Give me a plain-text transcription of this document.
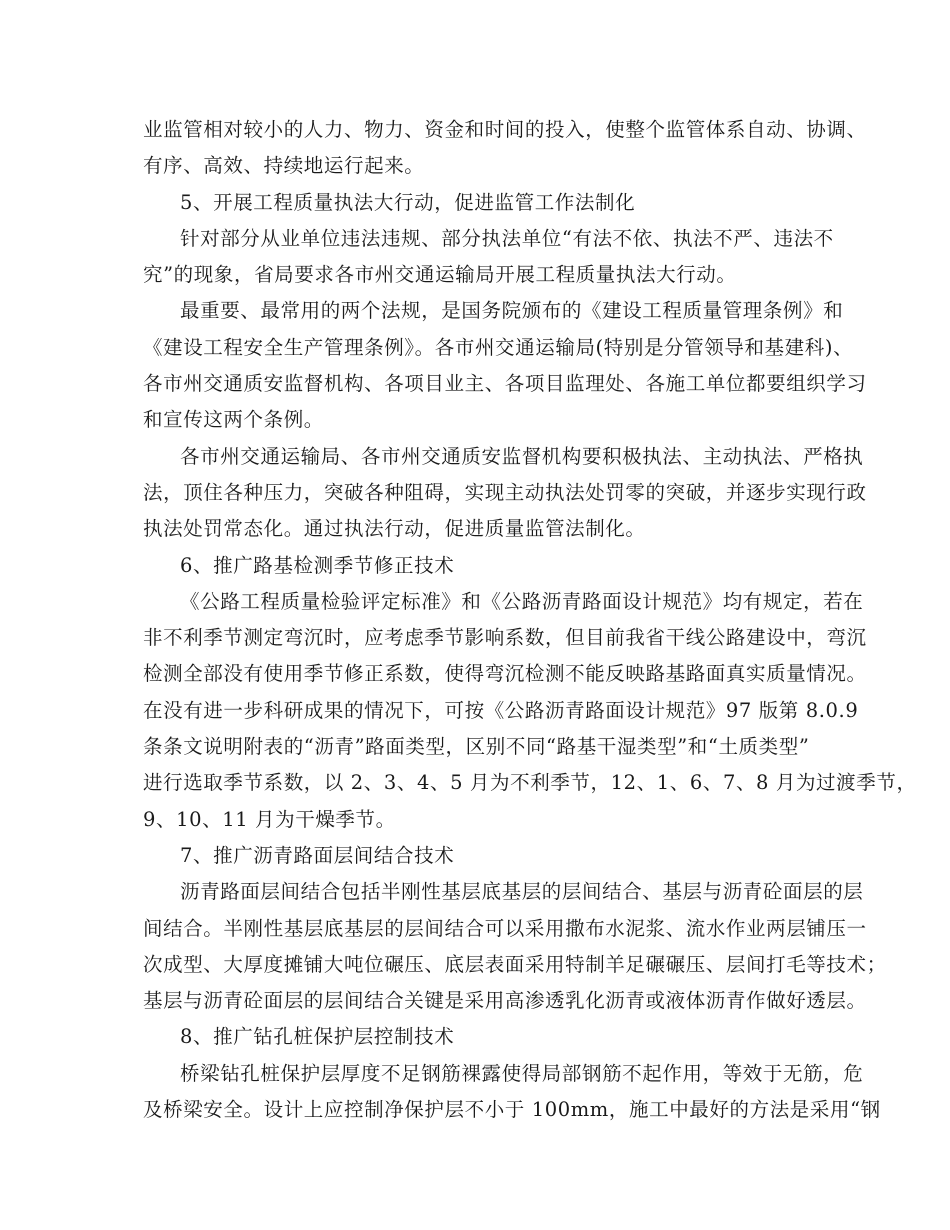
业监管相对较小的人力、物力、资金和时间的投入，使整个监管体系自动、协调、
有序、高效、持续地运行起来。
5、开展工程质量执法大行动，促进监管工作法制化
针对部分从业单位违法违规、部分执法单位“有法不依、执法不严、违法不
究”的现象，省局要求各市州交通运输局开展工程质量执法大行动。
最重要、最常用的两个法规，是国务院颁布的《建设工程质量管理条例》和
《建设工程安全生产管理条例》。各市州交通运输局(特别是分管领导和基建科)、
各市州交通质安监督机构、各项目业主、各项目监理处、各施工单位都要组织学习
和宣传这两个条例。
各市州交通运输局、各市州交通质安监督机构要积极执法、主动执法、严格执
法，顶住各种压力，突破各种阻碍，实现主动执法处罚零的突破，并逐步实现行政
执法处罚常态化。通过执法行动，促进质量监管法制化。
6、推广路基检测季节修正技术
《公路工程质量检验评定标准》和《公路沥青路面设计规范》均有规定，若在
非不利季节测定弯沉时，应考虑季节影响系数，但目前我省干线公路建设中，弯沉
检测全部没有使用季节修正系数，使得弯沉检测不能反映路基路面真实质量情况。
在没有进一步科研成果的情况下，可按《公路沥青路面设计规范》97 版第 8.0.9
条条文说明附表的“沥青”路面类型，区别不同“路基干湿类型”和“土质类型”
进行选取季节系数，以 2、3、4、5 月为不利季节，12、1、6、7、8 月为过渡季节，
9、10、11 月为干燥季节。
7、推广沥青路面层间结合技术
沥青路面层间结合包括半刚性基层底基层的层间结合、基层与沥青砼面层的层
间结合。半刚性基层底基层的层间结合可以采用撒布水泥浆、流水作业两层铺压一
次成型、大厚度摊铺大吨位碾压、底层表面采用特制羊足碾碾压、层间打毛等技术；
基层与沥青砼面层的层间结合关键是采用高渗透乳化沥青或液体沥青作做好透层。
8、推广钻孔桩保护层控制技术
桥梁钻孔桩保护层厚度不足钢筋裸露使得局部钢筋不起作用，等效于无筋，危
及桥梁安全。设计上应控制净保护层不小于 100mm，施工中最好的方法是采用“钢
